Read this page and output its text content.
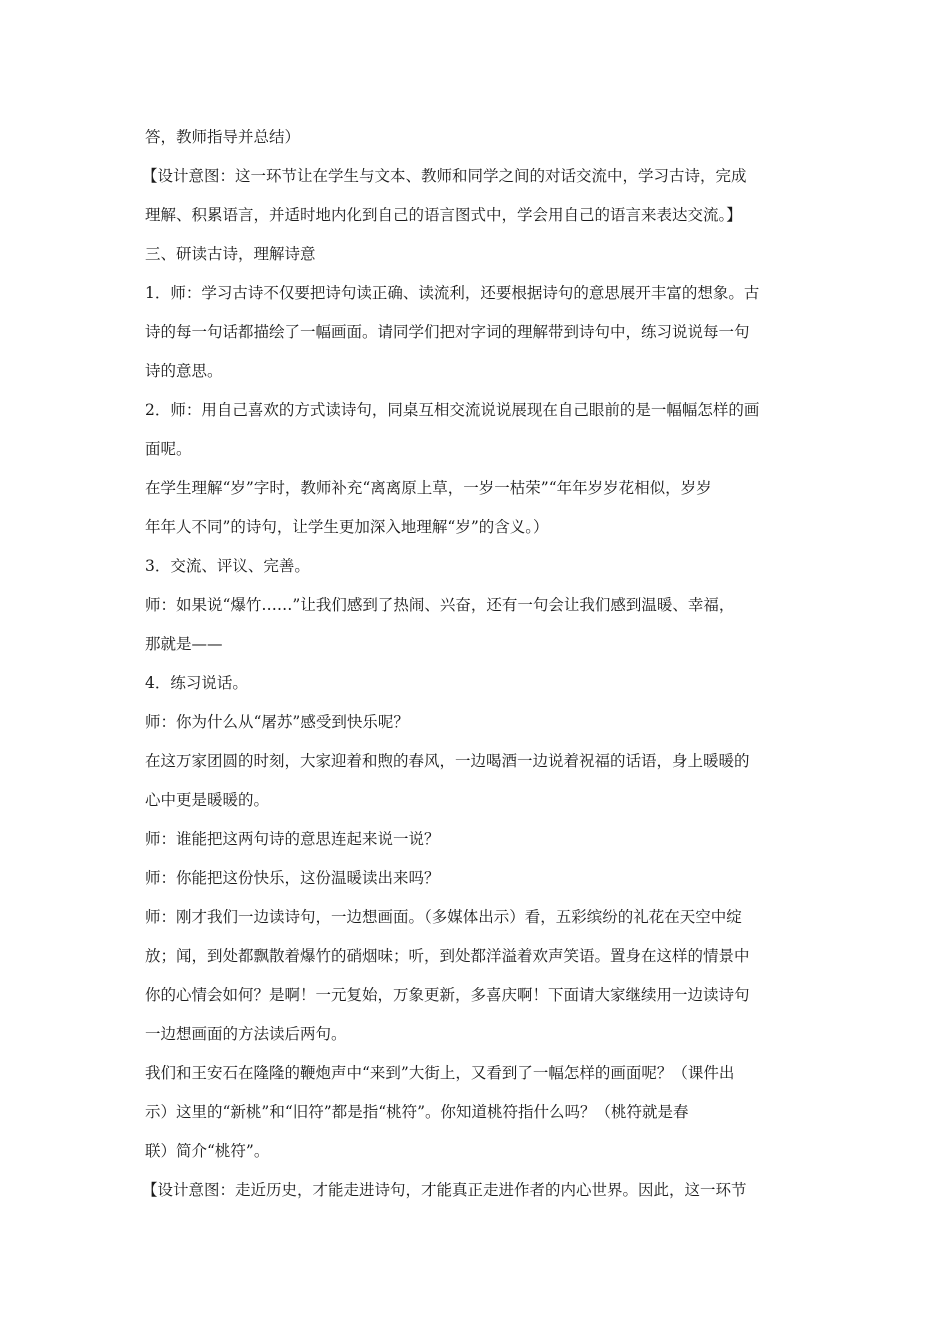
答，教师指导并总结）
【设计意图：这一环节让在学生与文本、教师和同学之间的对话交流中，学习古诗，完成
理解、积累语言，并适时地内化到自己的语言图式中，学会用自己的语言来表达交流。】
三、研读古诗，理解诗意
1．师：学习古诗不仅要把诗句读正确、读流利，还要根据诗句的意思展开丰富的想象。古
诗的每一句话都描绘了一幅画面。请同学们把对字词的理解带到诗句中，练习说说每一句
诗的意思。
2．师：用自己喜欢的方式读诗句，同桌互相交流说说展现在自己眼前的是一幅幅怎样的画
面呢。
在学生理解“岁”字时，教师补充“离离原上草，一岁一枯荣”“年年岁岁花相似，岁岁
年年人不同”的诗句，让学生更加深入地理解“岁”的含义。）
3．交流、评议、完善。
师：如果说“爆竹……”让我们感到了热闹、兴奋，还有一句会让我们感到温暖、幸福，
那就是——
4．练习说话。
师：你为什么从“屠苏”感受到快乐呢？
在这万家团圆的时刻，大家迎着和煦的春风，一边喝酒一边说着祝福的话语，身上暖暖的
心中更是暖暖的。
师：谁能把这两句诗的意思连起来说一说？
师：你能把这份快乐，这份温暖读出来吗？
师：刚才我们一边读诗句，一边想画面。（多媒体出示）看，五彩缤纷的礼花在天空中绽
放；闻，到处都飘散着爆竹的硝烟味；听，到处都洋溢着欢声笑语。置身在这样的情景中
你的心情会如何？是啊！一元复始，万象更新，多喜庆啊！下面请大家继续用一边读诗句
一边想画面的方法读后两句。
我们和王安石在隆隆的鞭炮声中“来到”大街上，又看到了一幅怎样的画面呢？（课件出
示）这里的“新桃”和“旧符”都是指“桃符”。你知道桃符指什么吗？（桃符就是春
联）简介“桃符”。
【设计意图：走近历史，才能走进诗句，才能真正走进作者的内心世界。因此，这一环节
